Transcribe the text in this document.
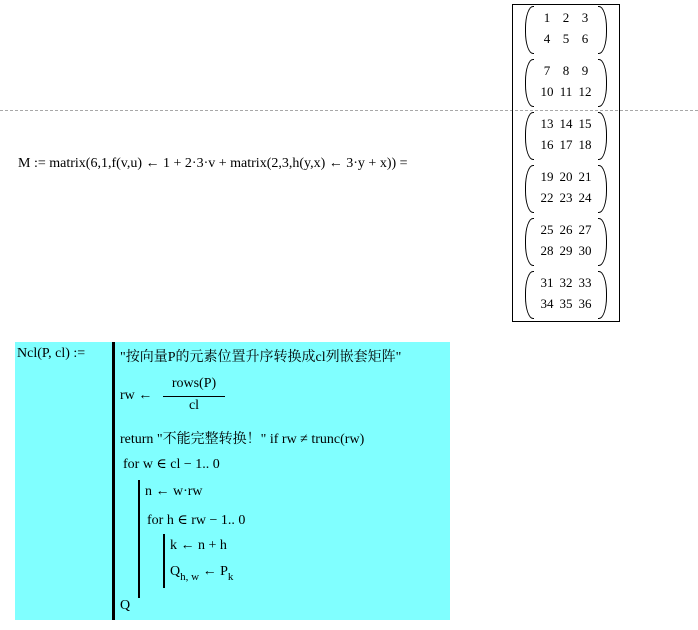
M := matrix(6,1,f(v,u) ← 1 + 2·3·v + matrix(2,3,h(y,x) ← 3·y + x)) =
1 2 3
4 5 6
7 8 9
10 11 12
13 14 15
16 17 18
19 20 21
22 23 24
25 26 27
28 29 30
31 32 33
34 35 36
Ncl(P, cl) := "按向量P的元素位置升序转换成cl列嵌套矩阵"
rw ←
rows(P)
cl
return "不能完整转换！" if rw ≠ trunc(rw)
for w ∈ cl − 1.. 0
n ← w·rw
for h ∈ rw − 1.. 0
k ← n + h
$Q_{h, w}$ ← $P_k$
Q
